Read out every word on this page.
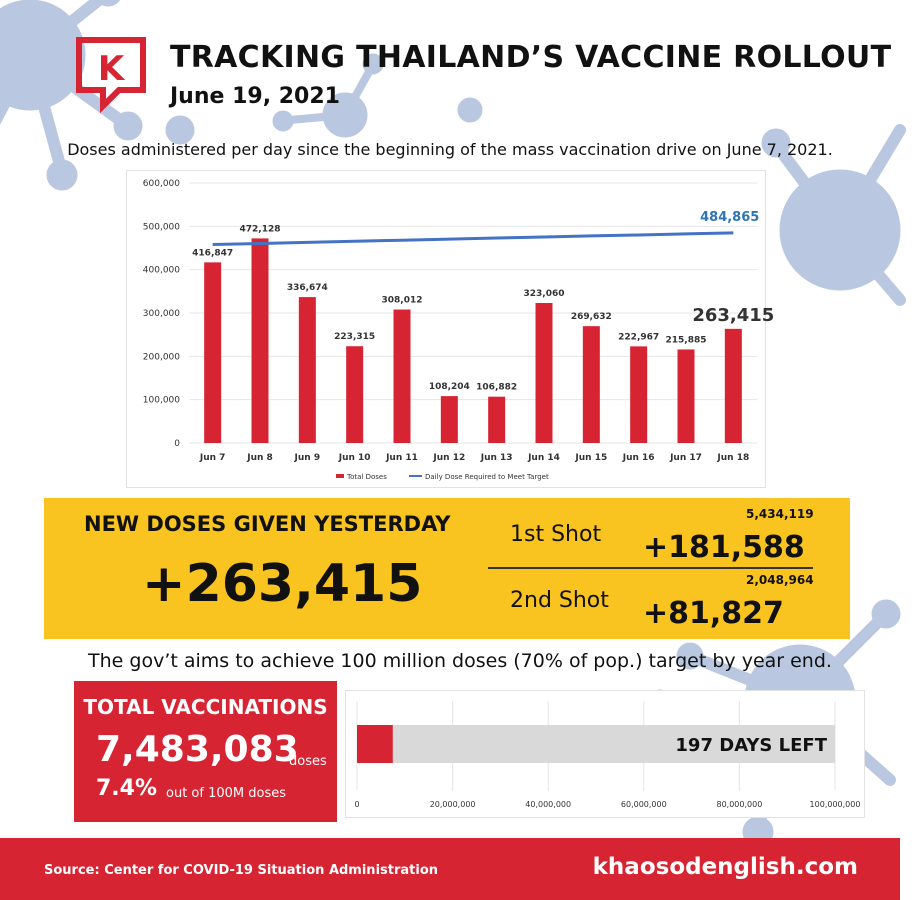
K TRACKING THAILAND’S VACCINE ROLLOUT
June 19, 2021
Doses administered per day since the beginning of the mass vaccination drive on June 7, 2021.
0
100,000
200,000
300,000
400,000
500,000
600,000
416,847
Jun 7
472,128
Jun 8
336,674
Jun 9
223,315
Jun 10
308,012
Jun 11
108,204
Jun 12
106,882
Jun 13
323,060
Jun 14
269,632
Jun 15
222,967
Jun 16
215,885
Jun 17
263,415
Jun 18
484,865
Total Doses	Daily Dose Required to Meet Target
NEW DOSES GIVEN YESTERDAY
+263,415
5,434,119
1st Shot +181,588
2,048,964
2nd Shot +81,827
The gov’t aims to achieve 100 million doses (70% of pop.) target by year end.
TOTAL VACCINATIONS
7,483,083
doses
7.4% out of 100M doses
0	20,000,000	40,000,000	60,000,000	80,000,000	100,000,000
197 DAYS LEFT
Source: Center for COVID-19 Situation Administration	khaosodenglish.com
